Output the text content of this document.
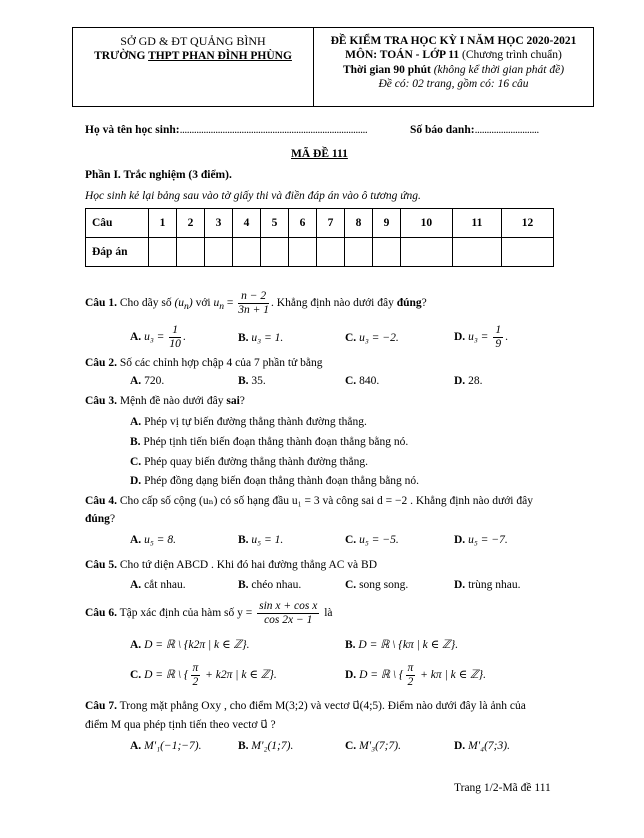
SỞ GD & ĐT QUẢNG BÌNH
TRƯỜNG THPT PHAN ĐÌNH PHÙNG
ĐỀ KIỂM TRA HỌC KỲ I NĂM HỌC 2020-2021
MÔN: TOÁN - LỚP 11 (Chương trình chuẩn)
Thời gian 90 phút (không kể thời gian phát đề)
Đề có: 02 trang, gồm có: 16 câu
Họ và tên học sinh:...............................................................................	Số báo danh:...........................
MÃ ĐỀ 111
Phần I. Trắc nghiệm (3 điểm).
Học sinh kẻ lại bảng sau vào tờ giấy thi và điền đáp án vào ô tương ứng.
Câu	1	2	3	4	5	6	7	8	9	10	11	12
Đáp án												
Câu 1. Cho dãy số $(u_n)$ với $u_n = \frac{n - 2}{3n + 1}$ . Khẳng định nào dưới đây đúng?
A. $u_3 = \frac{1}{10}$ .	B. u₃ = 1.	C. u₃ = −2.	D. $u_3 = \frac{1}{9}$ .
Câu 2. Số các chỉnh hợp chập 4 của 7 phần tử bằng
A. 720.	B. 35.	C. 840.	D. 28.
Câu 3. Mệnh đề nào dưới đây sai?
A. Phép vị tự biến đường thẳng thành đường thẳng.
B. Phép tịnh tiến biến đoạn thẳng thành đoạn thẳng bằng nó.
C. Phép quay biến đường thẳng thành đường thẳng.
D. Phép đồng dạng biến đoạn thẳng thành đoạn thẳng bằng nó.
Câu 4. Cho cấp số cộng (uₙ) có số hạng đầu u₁ = 3 và công sai d = −2 . Khẳng định nào dưới đây
đúng?
A. u₅ = 8.	B. u₅ = 1.	C. u₅ = −5.	D. u₅ = −7.
Câu 5. Cho tứ diện ABCD . Khi đó hai đường thẳng AC và BD
A. cắt nhau.	B. chéo nhau.	C. song song.	D. trùng nhau.
Câu 6. Tập xác định của hàm số $y = \frac{\text{sin x + cos x}}{\cos 2x - 1}$ là
A. D = ℝ \ {k2π | k ∈ ℤ}.	B. D = ℝ \ {kπ | k ∈ ℤ}.
C. D = ℝ \ { $\frac{\pi}{2} + k2\pi$ | k ∈ ℤ}.	D. D = ℝ \ { $\frac{\pi}{2} + k\pi$ | k ∈ ℤ}.
Câu 7. Trong mặt phẳng Oxy , cho điểm M(3;2) và vectơ u⃗(4;5). Điểm nào dưới đây là ảnh của
điểm M qua phép tịnh tiến theo vectơ u⃗ ?
A. M'₁(−1;−7).	B. M'₂(1;7).	C. M'₃(7;7).	D. M'₄(7;3).
Trang 1/2-Mã đề 111
